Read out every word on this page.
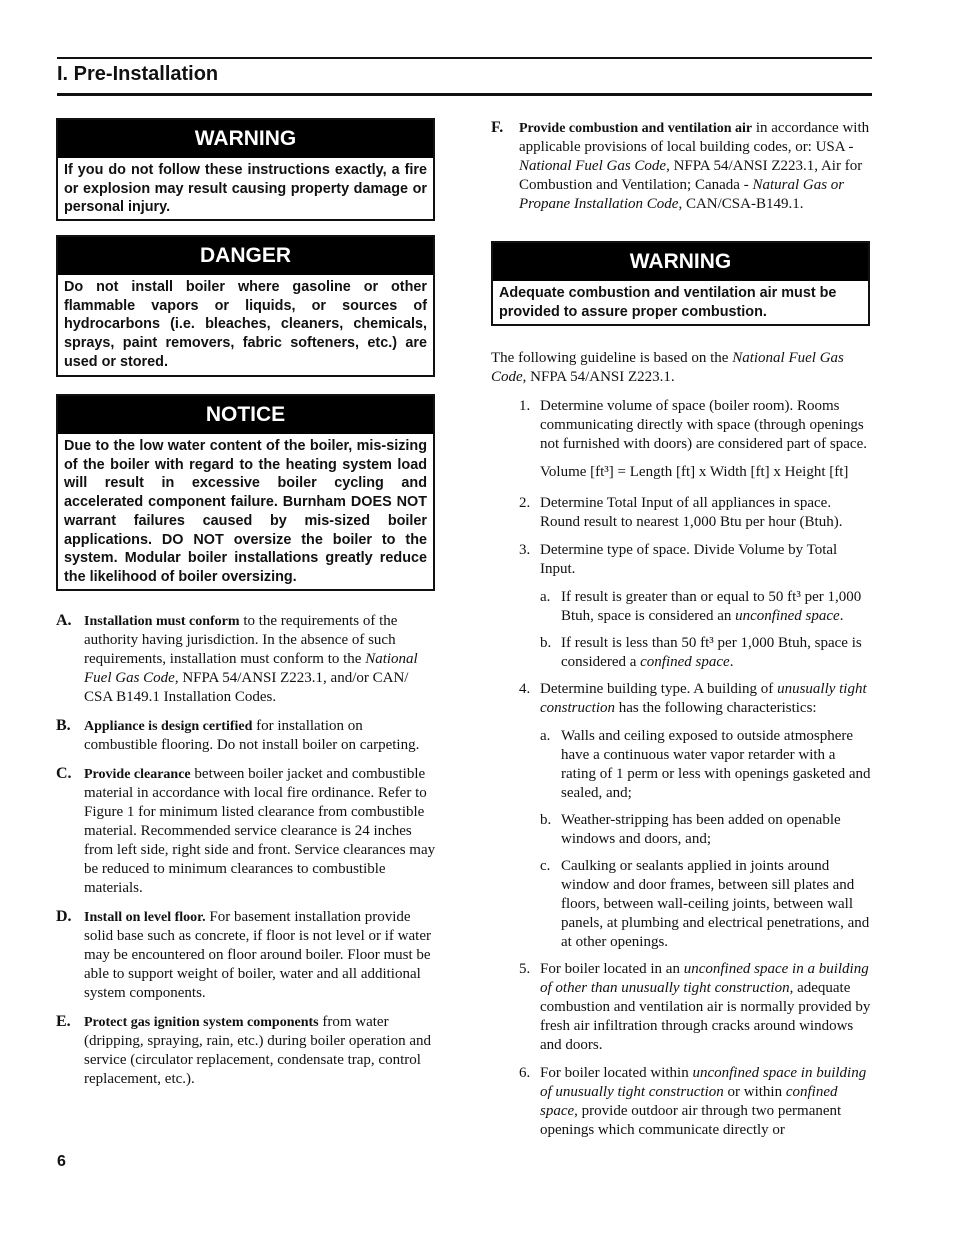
I. Pre-Installation
WARNING
If you do not follow these instructions exactly, a fire or explosion may result causing property damage or personal injury.
DANGER
Do not install boiler where gasoline or other flammable vapors or liquids, or sources of hydrocarbons (i.e. bleaches, cleaners, chemicals, sprays, paint removers, fabric softeners, etc.) are used or stored.
NOTICE
Due to the low water content of the boiler, mis-sizing of the boiler with regard to the heating system load will result in excessive boiler cycling and accelerated component failure. Burnham DOES NOT warrant failures caused by mis-sized boiler applications. DO NOT oversize the boiler to the system. Modular boiler installations greatly reduce the likelihood of boiler oversizing.
A. Installation must conform to the requirements of the authority having jurisdiction. In the absence of such requirements, installation must conform to the National Fuel Gas Code, NFPA 54/ANSI Z223.1, and/or CAN/ CSA B149.1 Installation Codes.
B. Appliance is design certified for installation on combustible flooring. Do not install boiler on carpeting.
C. Provide clearance between boiler jacket and combustible material in accordance with local fire ordinance. Refer to Figure 1 for minimum listed clearance from combustible material. Recommended service clearance is 24 inches from left side, right side and front. Service clearances may be reduced to minimum clearances to combustible materials.
D. Install on level floor. For basement installation provide solid base such as concrete, if floor is not level or if water may be encountered on floor around boiler. Floor must be able to support weight of boiler, water and all additional system components.
E. Protect gas ignition system components from water (dripping, spraying, rain, etc.) during boiler operation and service (circulator replacement, condensate trap, control replacement, etc.).
F. Provide combustion and ventilation air in accordance with applicable provisions of local building codes, or: USA - National Fuel Gas Code, NFPA 54/ANSI Z223.1, Air for Combustion and Ventilation; Canada - Natural Gas or Propane Installation Code, CAN/CSA-B149.1.
WARNING
Adequate combustion and ventilation air must be provided to assure proper combustion.

The following guideline is based on the National Fuel Gas Code, NFPA 54/ANSI Z223.1.

1. Determine volume of space (boiler room). Rooms communicating directly with space (through openings not furnished with doors) are considered part of space.
Volume [ft³] = Length [ft] x Width [ft] x Height [ft]
2. Determine Total Input of all appliances in space. Round result to nearest 1,000 Btu per hour (Btuh).
3. Determine type of space. Divide Volume by Total Input.
a. If result is greater than or equal to 50 ft³ per 1,000 Btuh, space is considered an unconfined space.
b. If result is less than 50 ft³ per 1,000 Btuh, space is considered a confined space.
4. Determine building type. A building of unusually tight construction has the following characteristics:
a. Walls and ceiling exposed to outside atmosphere have a continuous water vapor retarder with a rating of 1 perm or less with openings gasketed and sealed, and;
b. Weather-stripping has been added on openable windows and doors, and;
c. Caulking or sealants applied in joints around window and door frames, between sill plates and floors, between wall-ceiling joints, between wall panels, at plumbing and electrical penetrations, and at other openings.
5. For boiler located in an unconfined space in a building of other than unusually tight construction, adequate combustion and ventilation air is normally provided by fresh air infiltration through cracks around windows and doors.
6. For boiler located within unconfined space in building of unusually tight construction or within confined space, provide outdoor air through two permanent openings which communicate directly or
6
